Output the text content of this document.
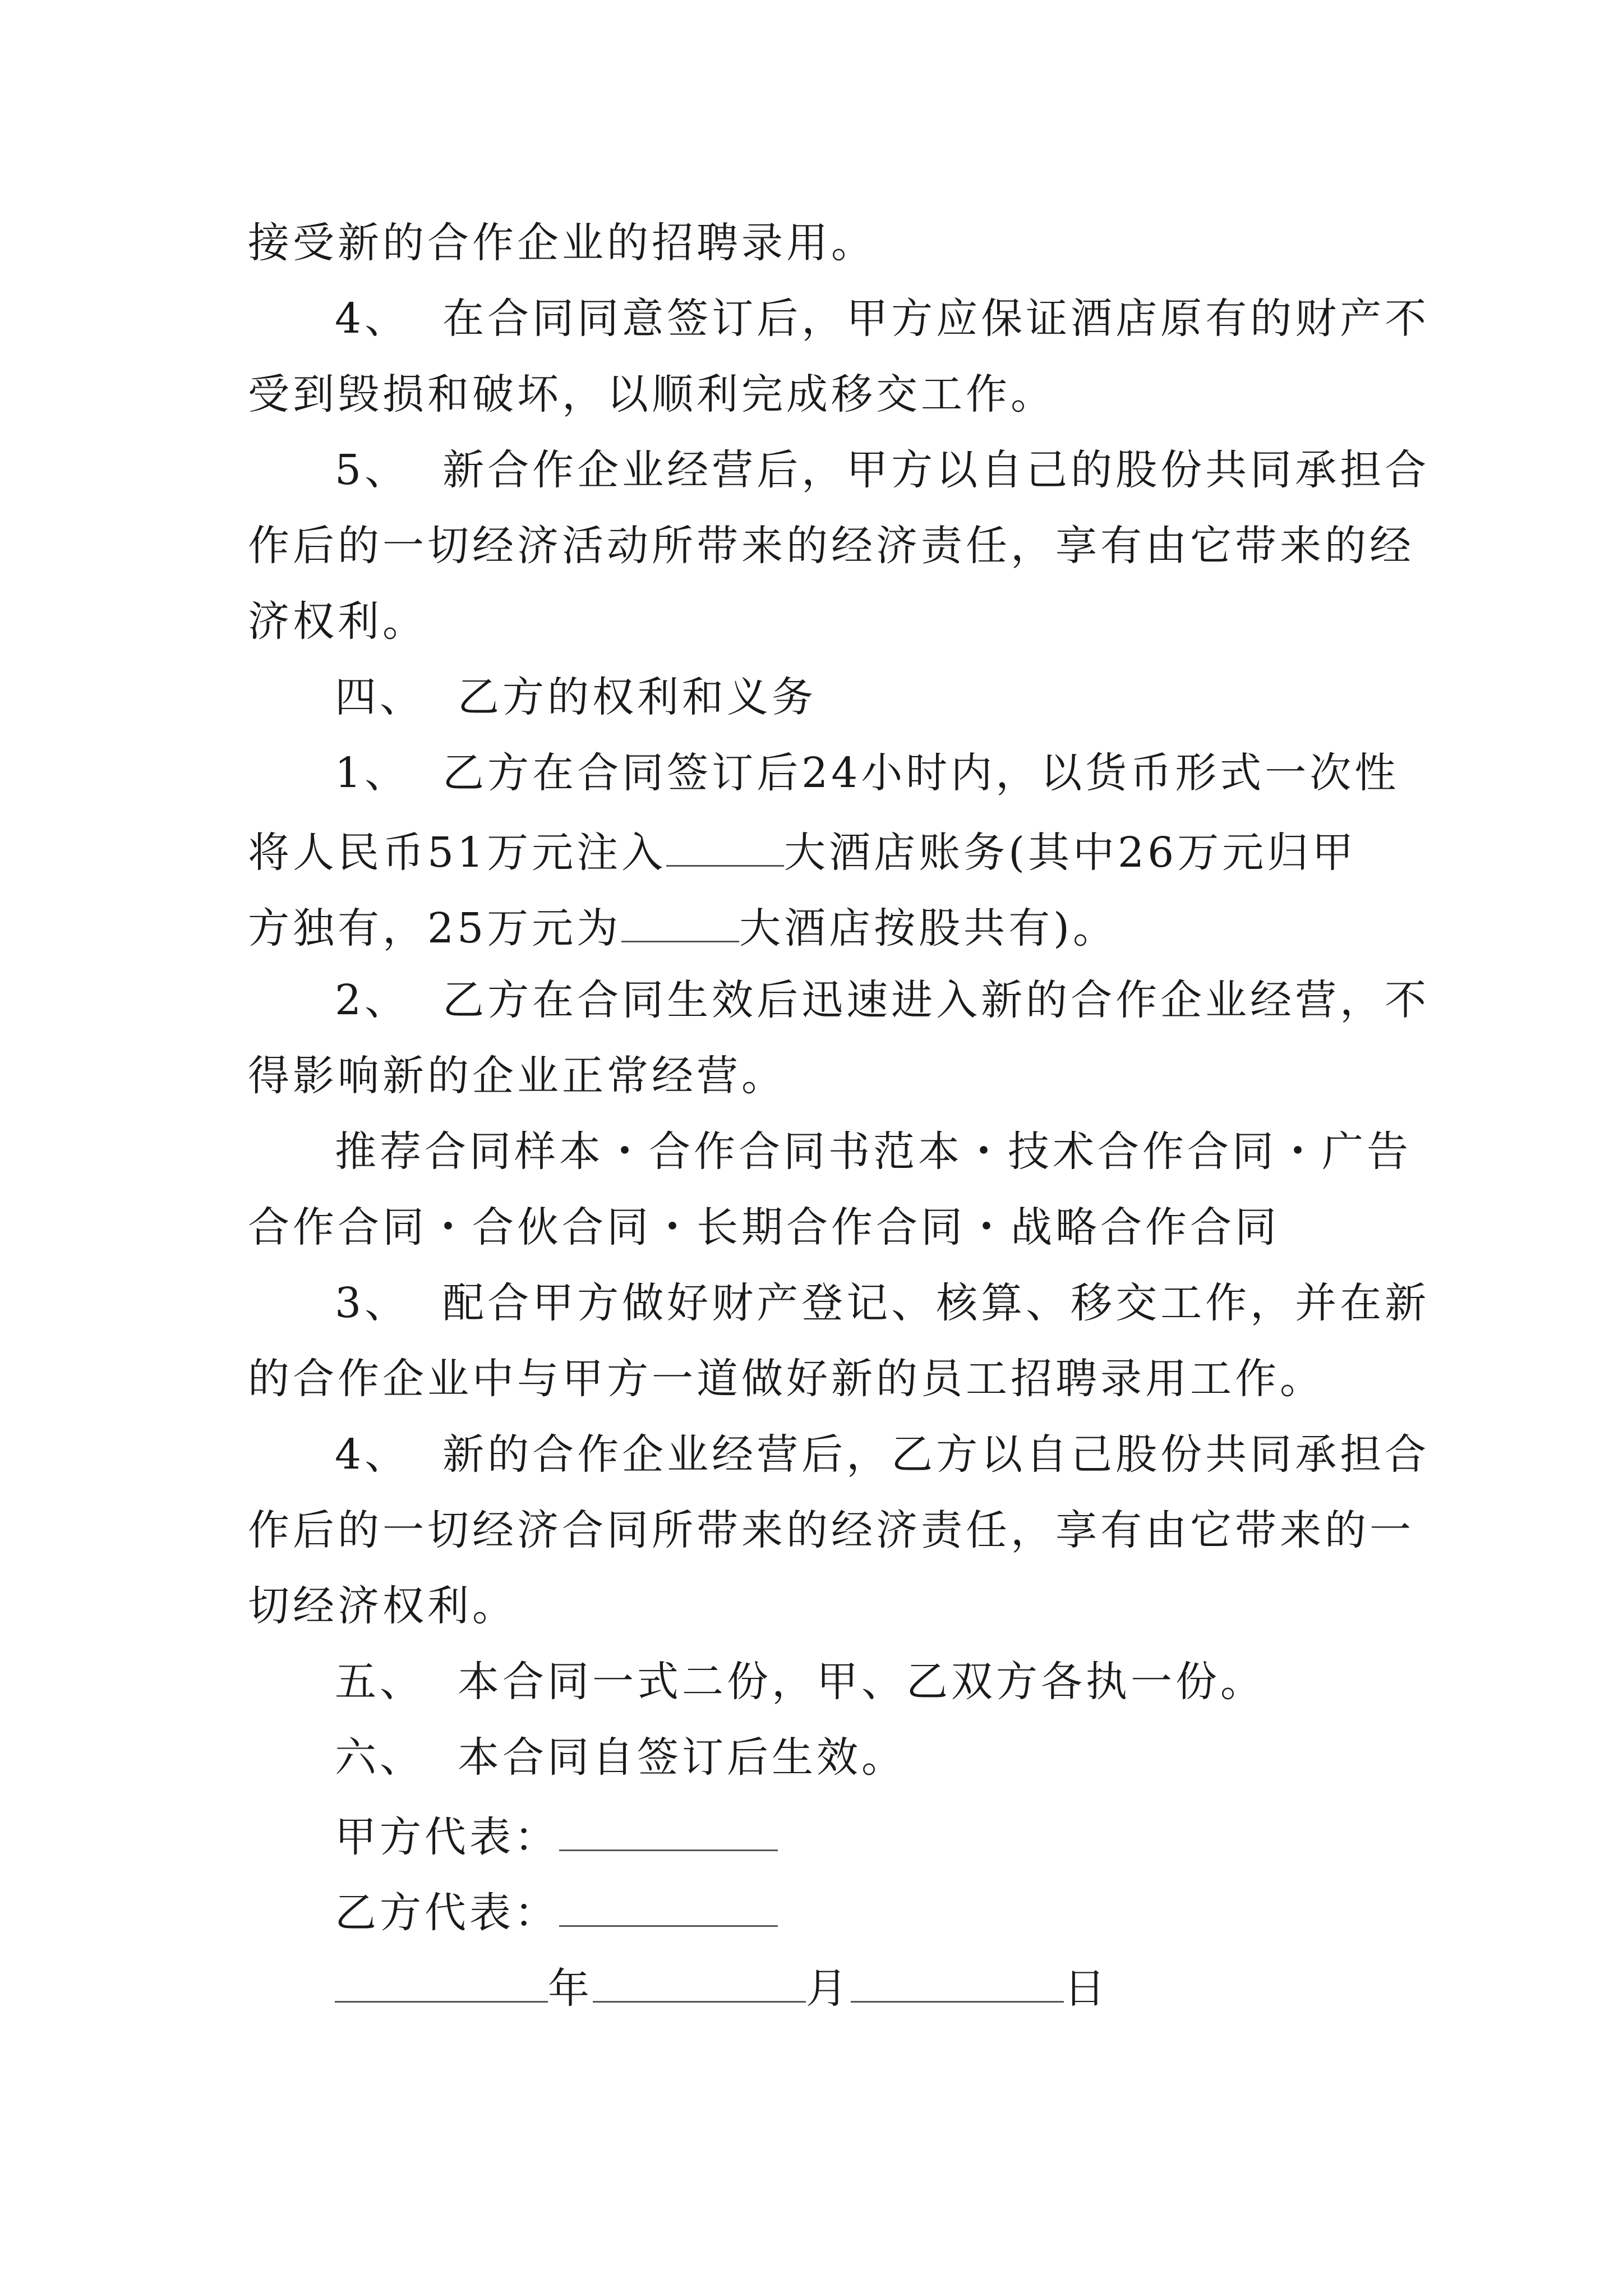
接受新的合作企业的招聘录用。
4、  在合同同意签订后，甲方应保证酒店原有的财产不
受到毁损和破坏，以顺利完成移交工作。
5、  新合作企业经营后，甲方以自己的股份共同承担合
作后的一切经济活动所带来的经济责任，享有由它带来的经
济权利。
四、  乙方的权利和义务
1、  乙方在合同签订后24小时内，以货币形式一次性
将人民币51万元注入	大酒店账务(其中26万元归甲
方独有，25万元为	大酒店按股共有)。
2、  乙方在合同生效后迅速进入新的合作企业经营，不
得影响新的企业正常经营。
推荐合同样本・合作合同书范本・技术合作合同・广告
合作合同・合伙合同・长期合作合同・战略合作合同
3、  配合甲方做好财产登记、核算、移交工作，并在新
的合作企业中与甲方一道做好新的员工招聘录用工作。
4、  新的合作企业经营后，乙方以自己股份共同承担合
作后的一切经济合同所带来的经济责任，享有由它带来的一
切经济权利。
五、  本合同一式二份，甲、乙双方各执一份。
六、  本合同自签订后生效。
甲方代表：
乙方代表：
年	月	日
